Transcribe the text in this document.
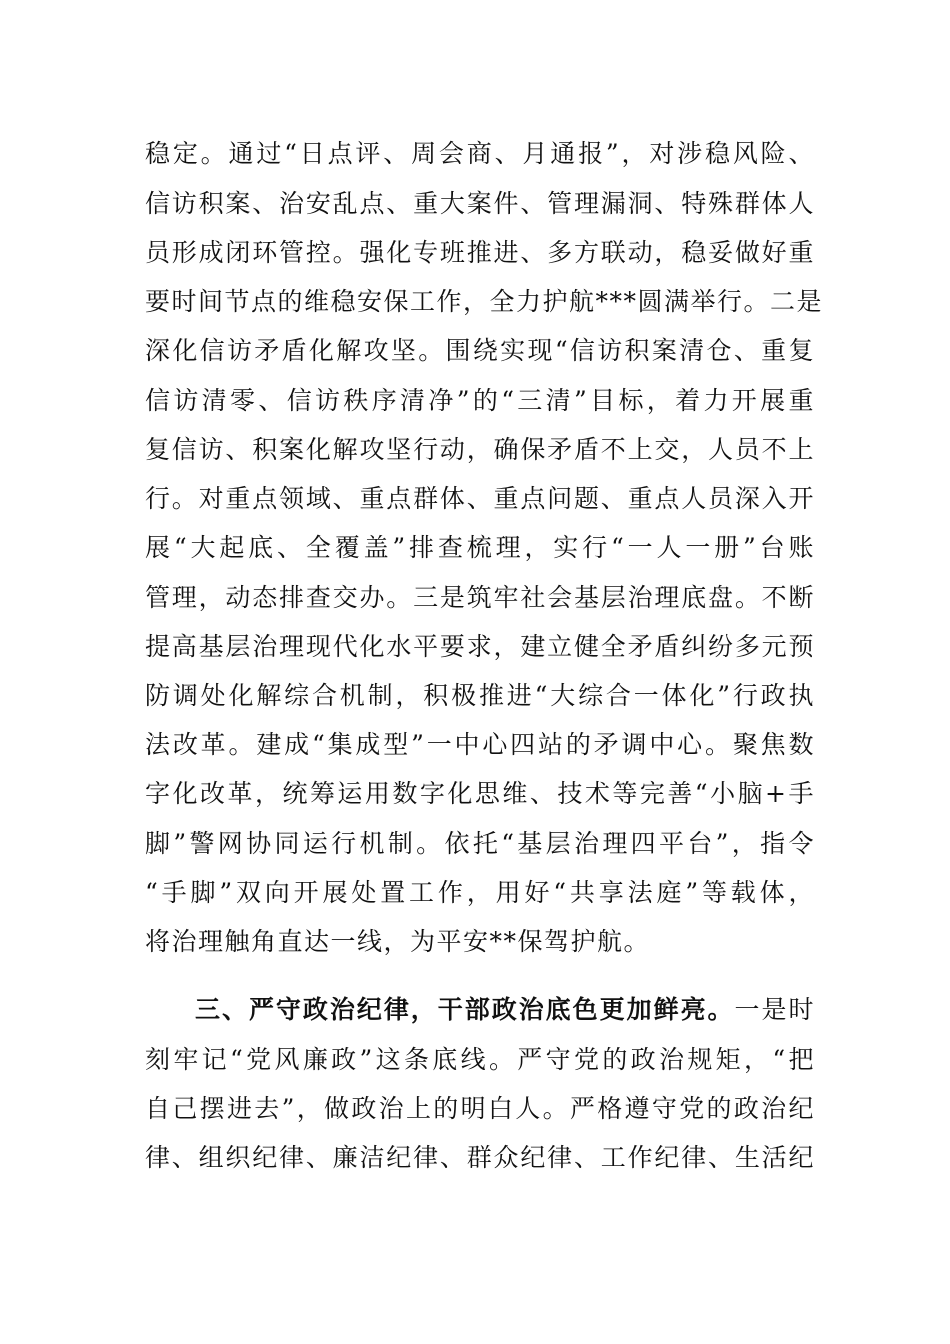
稳定。通过“日点评、周会商、月通报”，对涉稳风险、
信访积案、治安乱点、重大案件、管理漏洞、特殊群体人
员形成闭环管控。强化专班推进、多方联动，稳妥做好重
要时间节点的维稳安保工作，全力护航***圆满举行。二是
深化信访矛盾化解攻坚。围绕实现“信访积案清仓、重复
信访清零、信访秩序清净”的“三清”目标，着力开展重
复信访、积案化解攻坚行动，确保矛盾不上交，人员不上
行。对重点领域、重点群体、重点问题、重点人员深入开
展“大起底、全覆盖”排查梳理，实行“一人一册”台账
管理，动态排查交办。三是筑牢社会基层治理底盘。不断
提高基层治理现代化水平要求，建立健全矛盾纠纷多元预
防调处化解综合机制，积极推进“大综合一体化”行政执
法改革。建成“集成型”一中心四站的矛调中心。聚焦数
字化改革，统筹运用数字化思维、技术等完善“小脑+手
脚”警网协同运行机制。依托“基层治理四平台”，指令
“手脚”双向开展处置工作，用好“共享法庭”等载体，
将治理触角直达一线，为平安**保驾护航。
三、严守政治纪律，干部政治底色更加鲜亮。一是时
刻牢记“党风廉政”这条底线。严守党的政治规矩，“把
自己摆进去”，做政治上的明白人。严格遵守党的政治纪
律、组织纪律、廉洁纪律、群众纪律、工作纪律、生活纪
